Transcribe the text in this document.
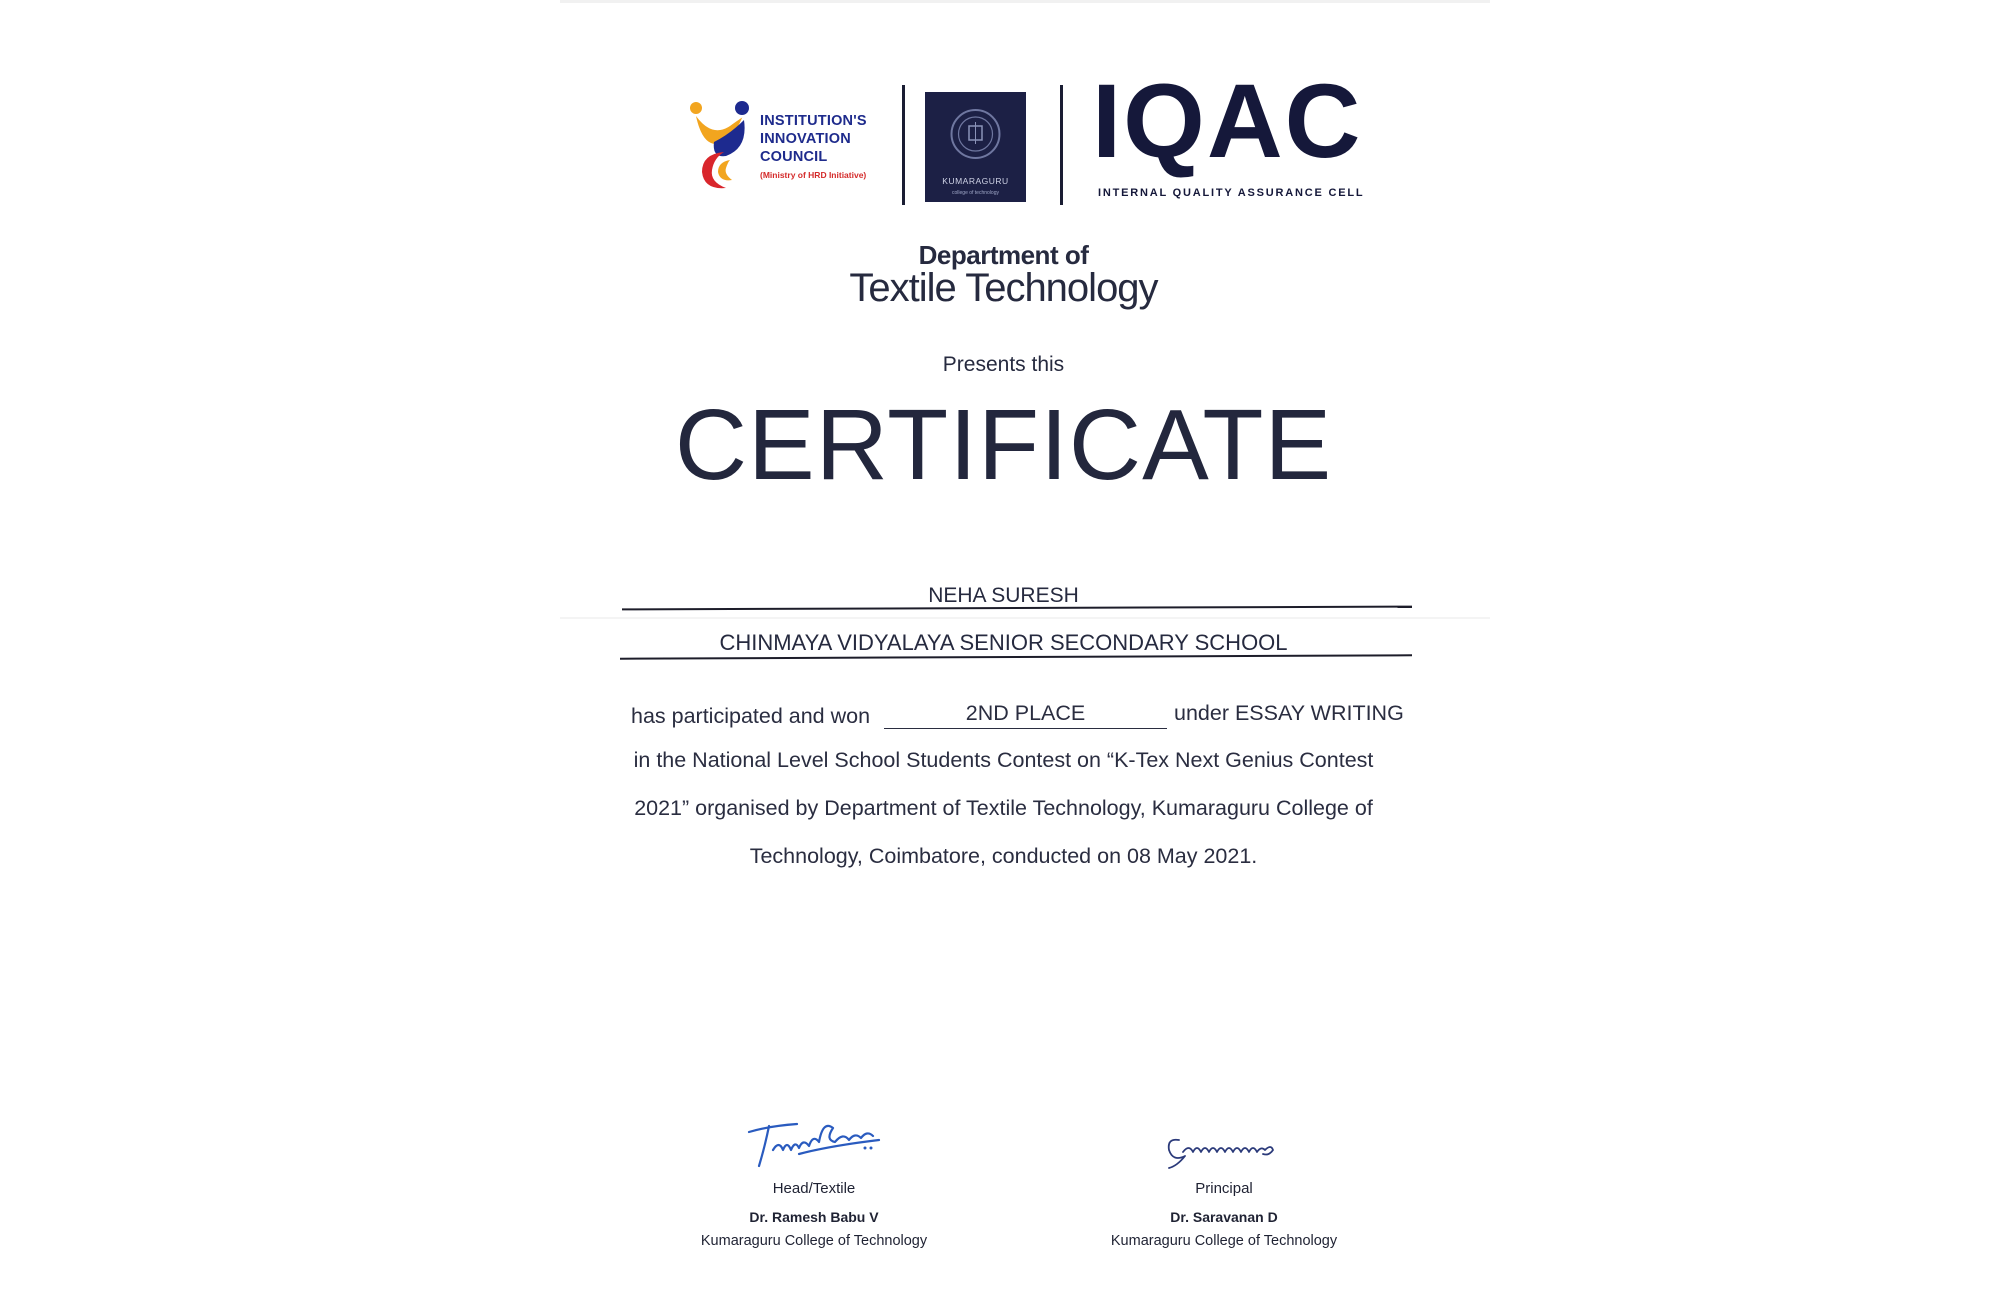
INSTITUTION'S
INNOVATION
COUNCIL
(Ministry of HRD Initiative)
KUMARAGURU
college of technology
IQAC
INTERNAL QUALITY ASSURANCE CELL
Department of
Textile Technology
Presents this
CERTIFICATE
NEHA SURESH
CHINMAYA VIDYALAYA SENIOR SECONDARY SCHOOL
has participated and won	2ND PLACE	under ESSAY WRITING
in the National Level School Students Contest on “K-Tex Next Genius Contest
2021” organised by Department of Textile Technology, Kumaraguru College of
Technology, Coimbatore, conducted on 08 May 2021.
Head/Textile
Dr. Ramesh Babu V
Kumaraguru College of Technology
Principal
Dr. Saravanan D
Kumaraguru College of Technology
